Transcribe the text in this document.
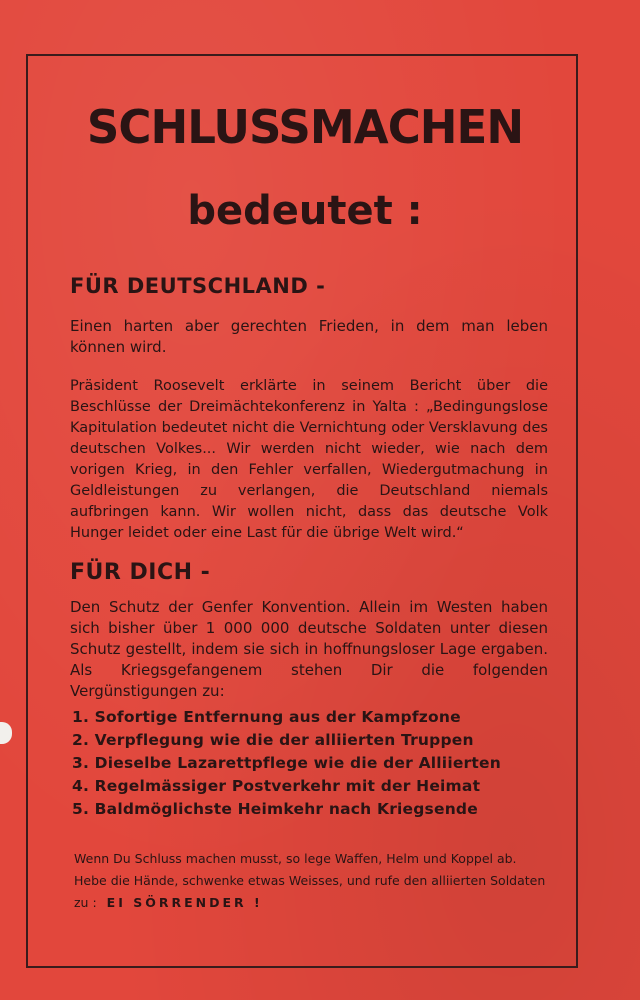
SCHLUSSMACHEN
bedeutet :
FÜR DEUTSCHLAND -
Einen harten aber gerechten Frieden, in dem man leben können wird.
Präsident Roosevelt erklärte in seinem Bericht über die Beschlüsse der Dreimächtekonferenz in Yalta : „Bedingungslose Kapitulation bedeutet nicht die Vernichtung oder Versklavung des deutschen Volkes... Wir werden nicht wieder, wie nach dem vorigen Krieg, in den Fehler verfallen, Wiedergutmachung in Geldleistungen zu verlangen, die Deutschland niemals aufbringen kann. Wir wollen nicht, dass das deutsche Volk Hunger leidet oder eine Last für die übrige Welt wird.“
FÜR DICH -
Den Schutz der Genfer Konvention. Allein im Westen haben sich bisher über 1 000 000 deutsche Soldaten unter diesen Schutz gestellt, indem sie sich in hoffnungsloser Lage ergaben. Als Kriegsgefangenem stehen Dir die folgenden Vergünstigungen zu:
1. Sofortige Entfernung aus der Kampfzone
2. Verpflegung wie die der alliierten Truppen
3. Dieselbe Lazarettpflege wie die der Alliierten
4. Regelmässiger Postverkehr mit der Heimat
5. Baldmöglichste Heimkehr nach Kriegsende
Wenn Du Schluss machen musst, so lege Waffen, Helm und Koppel ab. Hebe die Hände, schwenke etwas Weisses, und rufe den alliierten Soldaten zu : EI SÖRRENDER !
